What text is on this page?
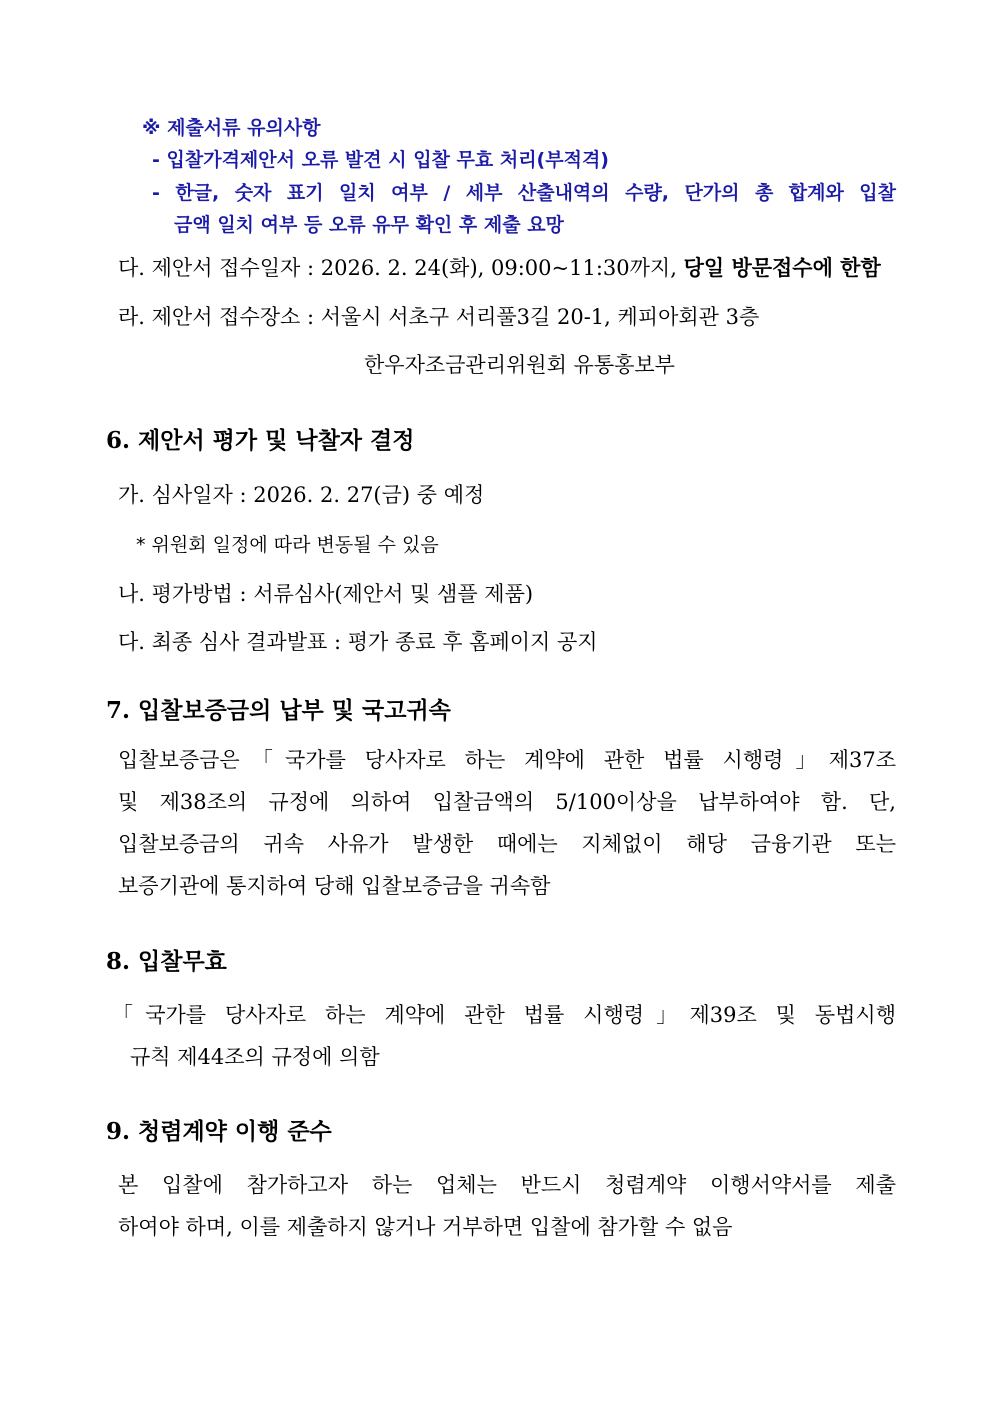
※ 제출서류 유의사항
- 입찰가격제안서 오류 발견 시 입찰 무효 처리(부적격)
- 한글, 숫자 표기 일치 여부 / 세부 산출내역의 수량, 단가의 총 합계와 입찰
금액 일치 여부 등 오류 유무 확인 후 제출 요망
다. 제안서 접수일자 : 2026. 2. 24(화), 09:00~11:30까지, 당일 방문접수에 한함
라. 제안서 접수장소 : 서울시 서초구 서리풀3길 20-1, 케피아회관 3층
한우자조금관리위원회 유통홍보부
6. 제안서 평가 및 낙찰자 결정
가. 심사일자 : 2026. 2. 27(금) 중 예정
* 위원회 일정에 따라 변동될 수 있음
나. 평가방법 : 서류심사(제안서 및 샘플 제품)
다. 최종 심사 결과발표 : 평가 종료 후 홈페이지 공지
7. 입찰보증금의 납부 및 국고귀속
입찰보증금은「국가를 당사자로 하는 계약에 관한 법률 시행령」제37조
및 제38조의 규정에 의하여 입찰금액의 5/100이상을 납부하여야 함. 단,
입찰보증금의 귀속 사유가 발생한 때에는 지체없이 해당 금융기관 또는
보증기관에 통지하여 당해 입찰보증금을 귀속함
8. 입찰무효
「국가를 당사자로 하는 계약에 관한 법률 시행령」제39조 및 동법시행
규칙 제44조의 규정에 의함
9. 청렴계약 이행 준수
본 입찰에 참가하고자 하는 업체는 반드시 청렴계약 이행서약서를 제출
하여야 하며, 이를 제출하지 않거나 거부하면 입찰에 참가할 수 없음
